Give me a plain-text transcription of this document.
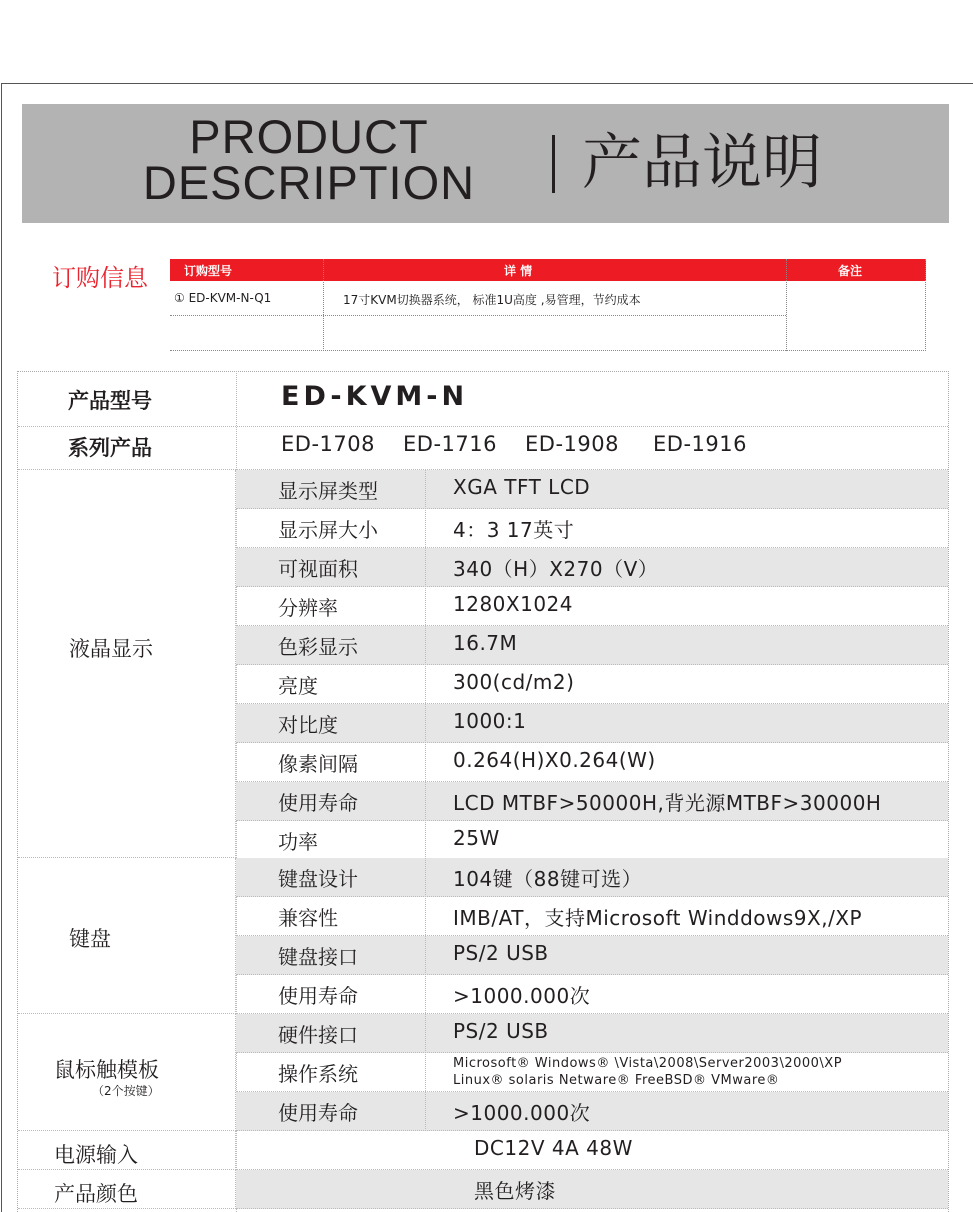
PRODUCT
DESCRIPTION	产品说明
订购信息	订购型号	详 情	备注
① ED-KVM-N-Q1	17寸KVM切换器系统， 标准1U高度 ,易管理，节约成本
产品型号	ED-KVM-N
系列产品	ED-1708 ED-1716 ED-1908 ED-1916
液晶显示
显示屏类型	XGA TFT LCD
显示屏大小	4：3 17英寸
可视面积	340（H）X270（V）
分辨率	1280X1024
色彩显示	16.7M
亮度	300(cd/m2)
对比度	1000:1
像素间隔	0.264(H)X0.264(W)
使用寿命	LCD MTBF>50000H,背光源MTBF>30000H
功率	25W
键盘
键盘设计	104键（88键可选）
兼容性	IMB/AT，支持Microsoft Winddows9X,/XP
键盘接口	PS/2 USB
使用寿命	>1000.000次
鼠标触模板
（2个按键）
硬件接口	PS/2 USB
操作系统	Microsoft® Windows® \Vista\2008\Server2003\2000\XP
Linux® solaris Netware® FreeBSD® VMware®
使用寿命	>1000.000次
电源输入	DC12V 4A 48W
产品颜色	黑色烤漆
